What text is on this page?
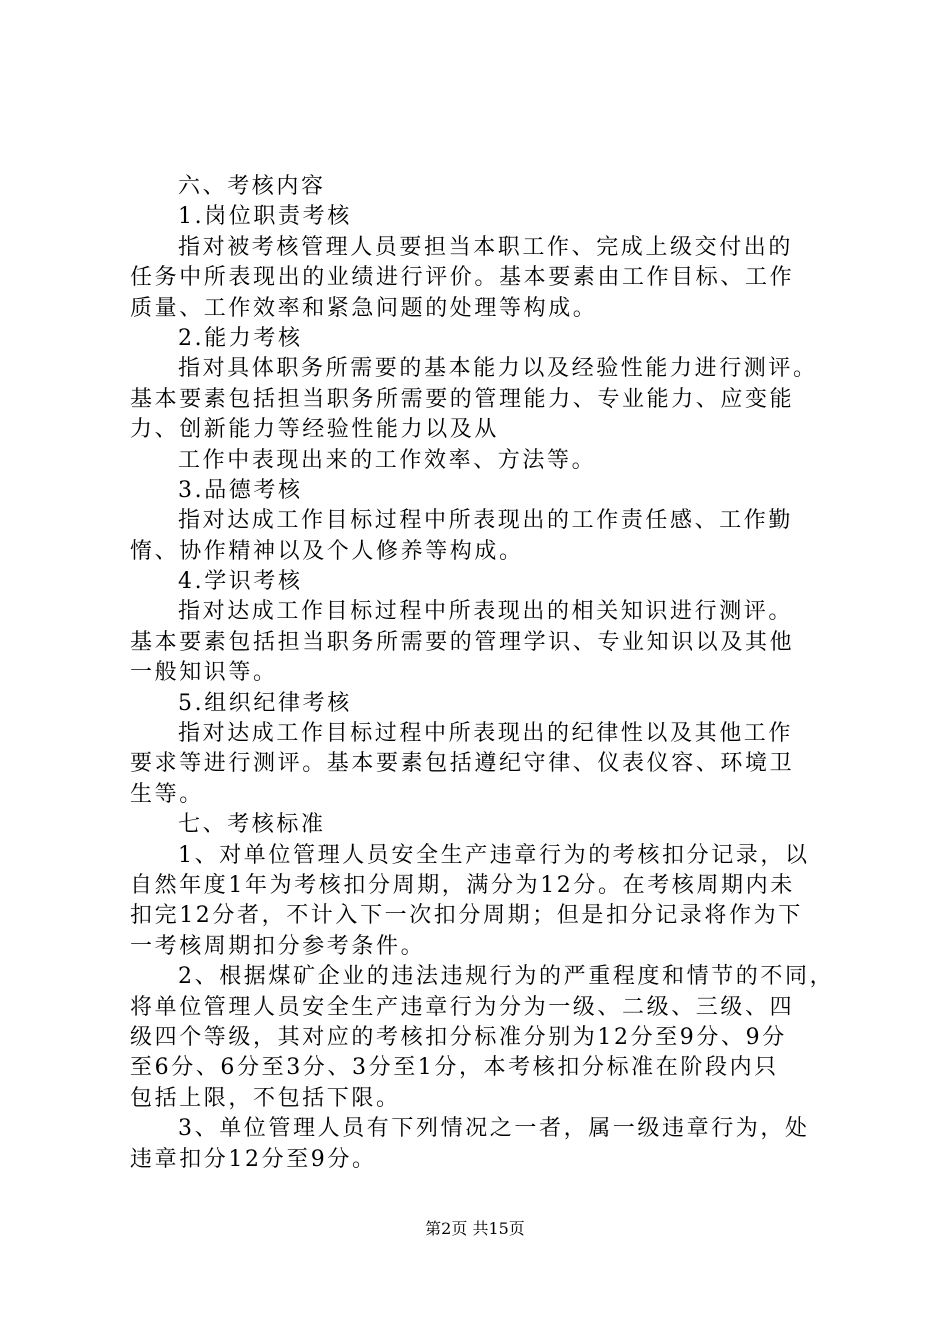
六、考核内容
1.岗位职责考核
指对被考核管理人员要担当本职工作、完成上级交付出的
任务中所表现出的业绩进行评价。基本要素由工作目标、工作
质量、工作效率和紧急问题的处理等构成。
2.能力考核
指对具体职务所需要的基本能力以及经验性能力进行测评。
基本要素包括担当职务所需要的管理能力、专业能力、应变能
力、创新能力等经验性能力以及从
工作中表现出来的工作效率、方法等。
3.品德考核
指对达成工作目标过程中所表现出的工作责任感、工作勤
惰、协作精神以及个人修养等构成。
4.学识考核
指对达成工作目标过程中所表现出的相关知识进行测评。
基本要素包括担当职务所需要的管理学识、专业知识以及其他
一般知识等。
5.组织纪律考核
指对达成工作目标过程中所表现出的纪律性以及其他工作
要求等进行测评。基本要素包括遵纪守律、仪表仪容、环境卫
生等。
七、考核标准
1、对单位管理人员安全生产违章行为的考核扣分记录，以
自然年度1年为考核扣分周期，满分为12分。在考核周期内未
扣完12分者，不计入下一次扣分周期；但是扣分记录将作为下
一考核周期扣分参考条件。
2、根据煤矿企业的违法违规行为的严重程度和情节的不同，
将单位管理人员安全生产违章行为分为一级、二级、三级、四
级四个等级，其对应的考核扣分标准分别为12分至9分、9分
至6分、6分至3分、3分至1分，本考核扣分标准在阶段内只
包括上限，不包括下限。
3、单位管理人员有下列情况之一者，属一级违章行为，处
违章扣分12分至9分。
第2页 共15页
